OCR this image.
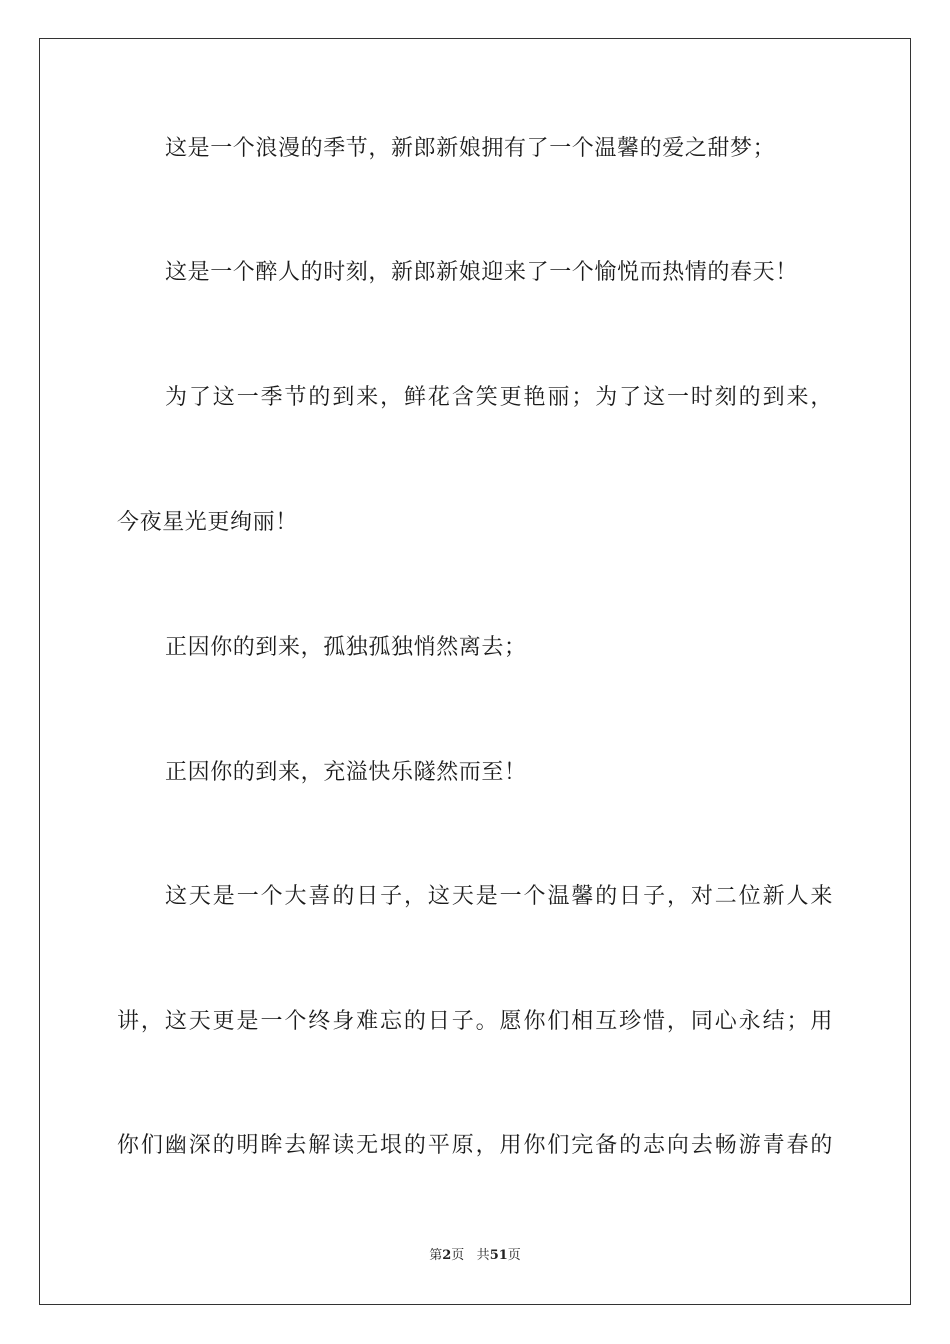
这是一个浪漫的季节，新郎新娘拥有了一个温馨的爱之甜梦；
这是一个醉人的时刻，新郎新娘迎来了一个愉悦而热情的春天！
为了这一季节的到来，鲜花含笑更艳丽；为了这一时刻的到来，
今夜星光更绚丽！
正因你的到来，孤独孤独悄然离去；
正因你的到来，充溢快乐隧然而至！
这天是一个大喜的日子，这天是一个温馨的日子，对二位新人来
讲，这天更是一个终身难忘的日子。愿你们相互珍惜，同心永结；用
你们幽深的明眸去解读无垠的平原，用你们完备的志向去畅游青春的
第2页 共51页
